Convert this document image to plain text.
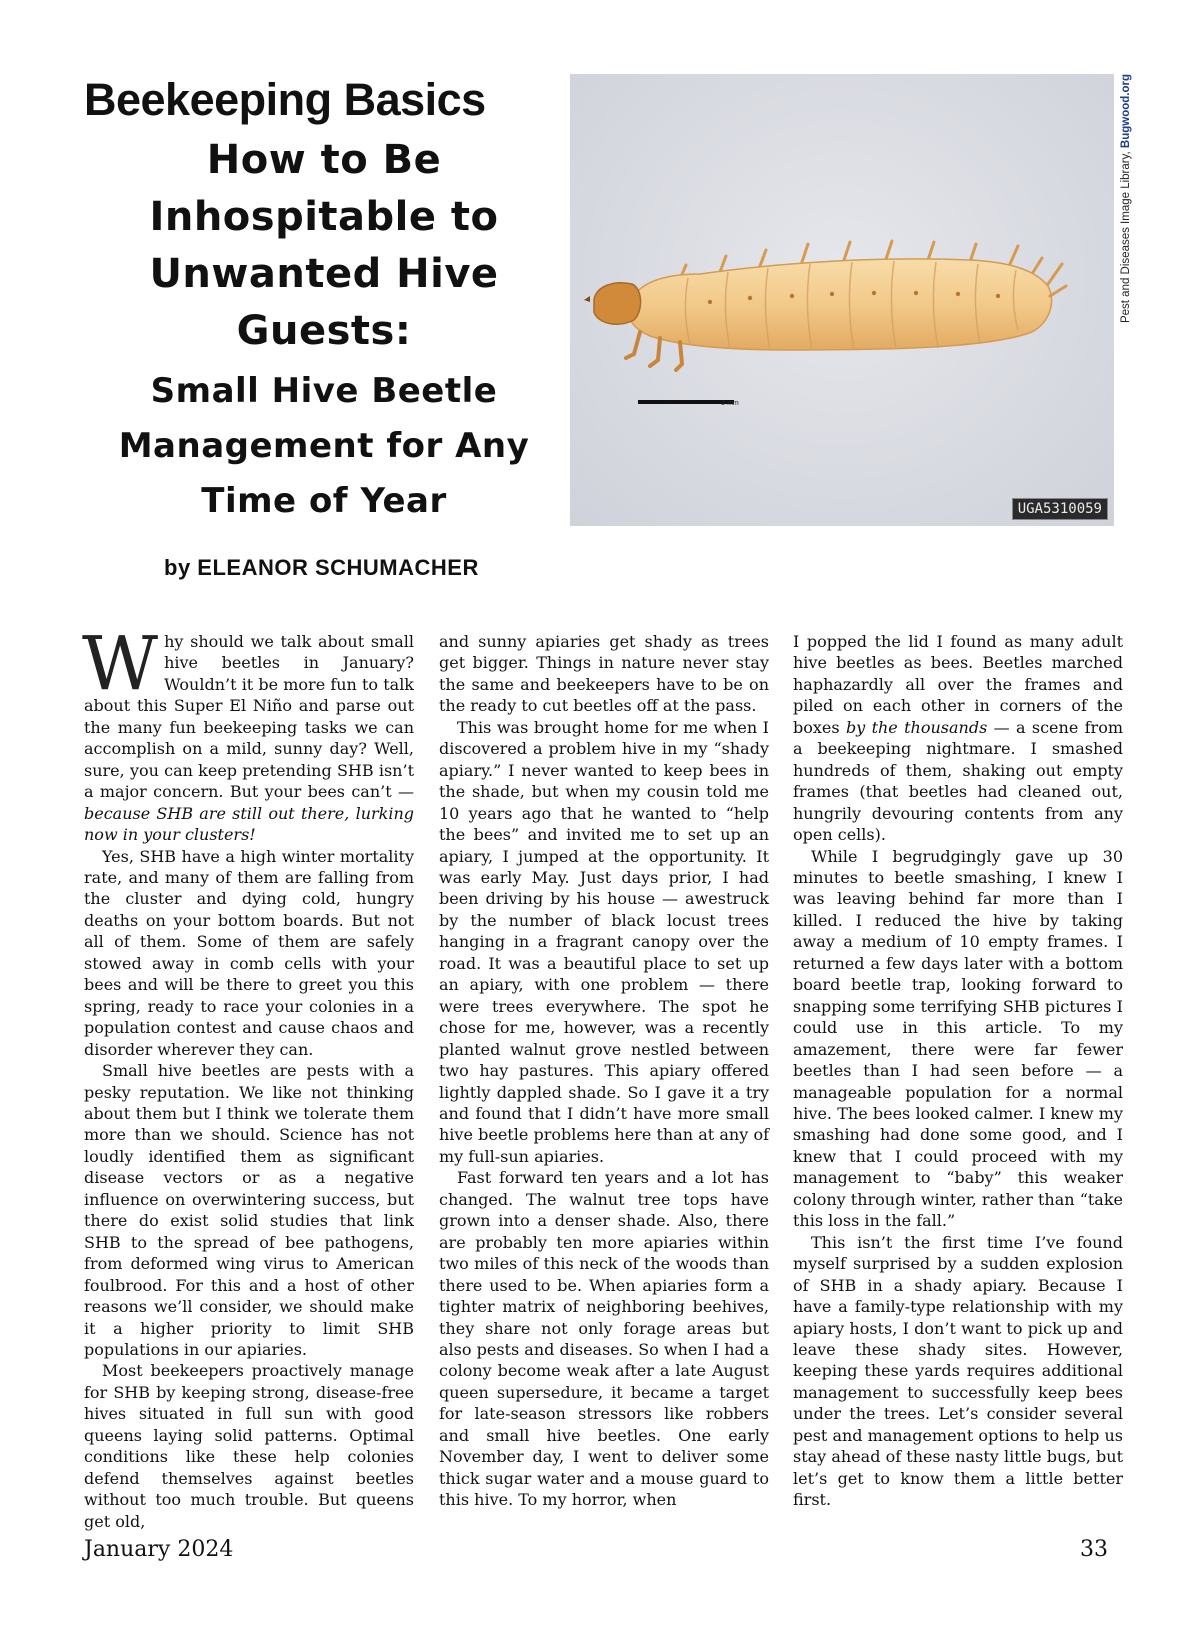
Beekeeping Basics
How to Be
Inhospitable to
Unwanted Hive
Guests:
Small Hive Beetle
Management for Any
Time of Year
by ELEANOR SCHUMACHER
2 mm
UGA5310059
Pest and Diseases Image Library, Bugwood.org

Why should we talk about small hive beetles in January? Wouldn’t it be more fun to talk about this Super El Niño and parse out the many fun beekeeping tasks we can accomplish on a mild, sunny day? Well, sure, you can keep pretending SHB isn’t a major concern. But your bees can’t — because SHB are still out there, lurking now in your clusters!

Yes, SHB have a high winter mortality rate, and many of them are falling from the cluster and dying cold, hungry deaths on your bottom boards. But not all of them. Some of them are safely stowed away in comb cells with your bees and will be there to greet you this spring, ready to race your colonies in a population contest and cause chaos and disorder wherever they can.

Small hive beetles are pests with a pesky reputation. We like not thinking about them but I think we tolerate them more than we should. Science has not loudly identified them as significant disease vectors or as a negative influence on overwintering success, but there do exist solid studies that link SHB to the spread of bee pathogens, from deformed wing virus to American foulbrood. For this and a host of other reasons we’ll consider, we should make it a higher priority to limit SHB populations in our apiaries.

Most beekeepers proactively manage for SHB by keeping strong, disease-free hives situated in full sun with good queens laying solid patterns. Optimal conditions like these help colonies defend themselves against beetles without too much trouble. But queens get old,

and sunny apiaries get shady as trees get bigger. Things in nature never stay the same and beekeepers have to be on the ready to cut beetles off at the pass.

This was brought home for me when I discovered a problem hive in my “shady apiary.” I never wanted to keep bees in the shade, but when my cousin told me 10 years ago that he wanted to “help the bees” and invited me to set up an apiary, I jumped at the opportunity. It was early May. Just days prior, I had been driving by his house — awestruck by the number of black locust trees hanging in a fragrant canopy over the road. It was a beautiful place to set up an apiary, with one problem — there were trees everywhere. The spot he chose for me, however, was a recently planted walnut grove nestled between two hay pastures. This apiary offered lightly dappled shade. So I gave it a try and found that I didn’t have more small hive beetle problems here than at any of my full-sun apiaries.

Fast forward ten years and a lot has changed. The walnut tree tops have grown into a denser shade. Also, there are probably ten more apiaries within two miles of this neck of the woods than there used to be. When apiaries form a tighter matrix of neighboring beehives, they share not only forage areas but also pests and diseases. So when I had a colony become weak after a late August queen supersedure, it became a target for late-season stressors like robbers and small hive beetles. One early November day, I went to deliver some thick sugar water and a mouse guard to this hive. To my horror, when

I popped the lid I found as many adult hive beetles as bees. Beetles marched haphazardly all over the frames and piled on each other in corners of the boxes by the thousands — a scene from a beekeeping nightmare. I smashed hundreds of them, shaking out empty frames (that beetles had cleaned out, hungrily devouring contents from any open cells).

While I begrudgingly gave up 30 minutes to beetle smashing, I knew I was leaving behind far more than I killed. I reduced the hive by taking away a medium of 10 empty frames. I returned a few days later with a bottom board beetle trap, looking forward to snapping some terrifying SHB pictures I could use in this article. To my amazement, there were far fewer beetles than I had seen before — a manageable population for a normal hive. The bees looked calmer. I knew my smashing had done some good, and I knew that I could proceed with my management to “baby” this weaker colony through winter, rather than “take this loss in the fall.”

This isn’t the first time I’ve found myself surprised by a sudden explosion of SHB in a shady apiary. Because I have a family-type relationship with my apiary hosts, I don’t want to pick up and leave these shady sites. However, keeping these yards requires additional management to successfully keep bees under the trees. Let’s consider several pest and management options to help us stay ahead of these nasty little bugs, but let’s get to know them a little better first.

January 2024	33
